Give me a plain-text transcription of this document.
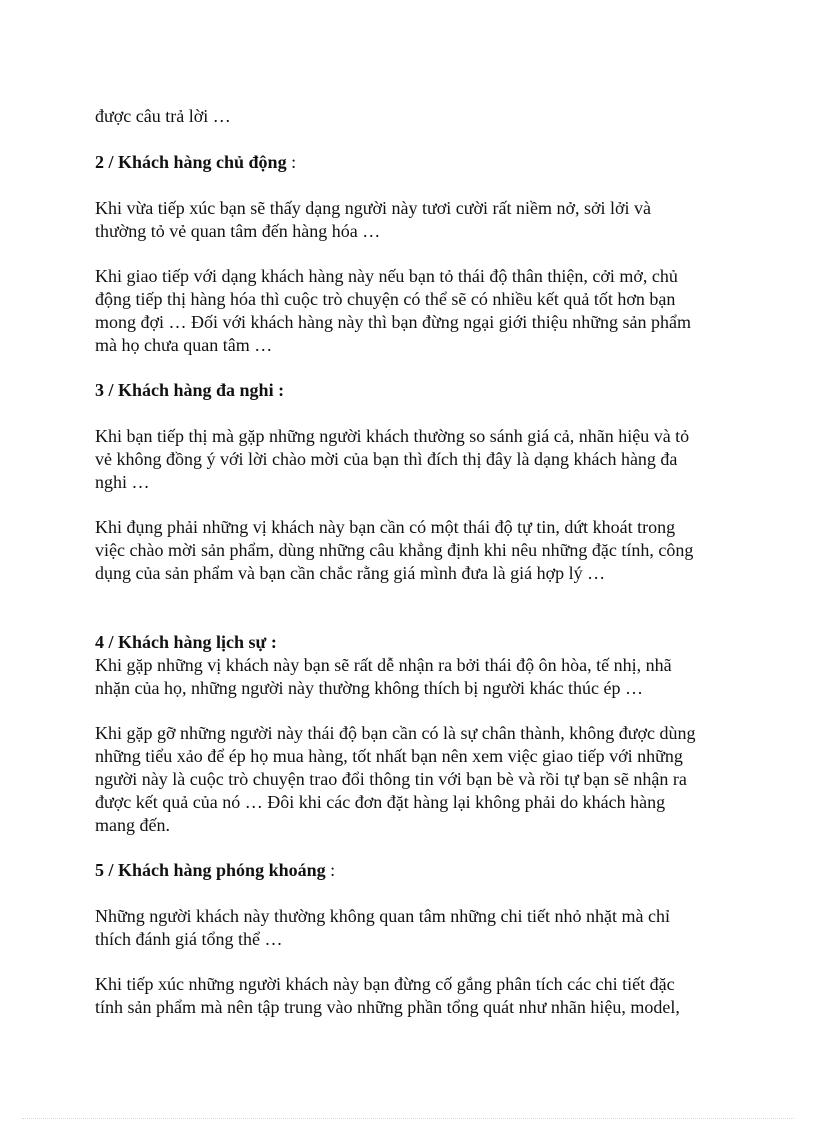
được câu trả lời …
2 / Khách hàng chủ động :
Khi vừa tiếp xúc bạn sẽ thấy dạng người này tươi cười rất niềm nở, sởi lởi và
thường tỏ vẻ quan tâm đến hàng hóa …
Khi giao tiếp với dạng khách hàng này nếu bạn tỏ thái độ thân thiện, cởi mở, chủ
động tiếp thị hàng hóa thì cuộc trò chuyện có thể sẽ có nhiều kết quả tốt hơn bạn
mong đợi … Đối với khách hàng này thì bạn đừng ngại giới thiệu những sản phẩm
mà họ chưa quan tâm …
3 / Khách hàng đa nghi :
Khi bạn tiếp thị mà gặp những người khách thường so sánh giá cả, nhãn hiệu và tỏ
vẻ không đồng ý với lời chào mời của bạn thì đích thị đây là dạng khách hàng đa
nghi …
Khi đụng phải những vị khách này bạn cần có một thái độ tự tin, dứt khoát trong
việc chào mời sản phẩm, dùng những câu khẳng định khi nêu những đặc tính, công
dụng của sản phẩm và bạn cần chắc rằng giá mình đưa là giá hợp lý …
4 / Khách hàng lịch sự :
Khi gặp những vị khách này bạn sẽ rất dễ nhận ra bởi thái độ ôn hòa, tế nhị, nhã
nhặn của họ, những người này thường không thích bị người khác thúc ép …
Khi gặp gỡ những người này thái độ bạn cần có là sự chân thành, không được dùng
những tiểu xảo để ép họ mua hàng, tốt nhất bạn nên xem việc giao tiếp với những
người này là cuộc trò chuyện trao đổi thông tin với bạn bè và rồi tự bạn sẽ nhận ra
được kết quả của nó … Đôi khi các đơn đặt hàng lại không phải do khách hàng
mang đến.
5 / Khách hàng phóng khoáng :
Những người khách này thường không quan tâm những chi tiết nhỏ nhặt mà chỉ
thích đánh giá tổng thể …
Khi tiếp xúc những người khách này bạn đừng cố gắng phân tích các chi tiết đặc
tính sản phẩm mà nên tập trung vào những phần tổng quát như nhãn hiệu, model,
